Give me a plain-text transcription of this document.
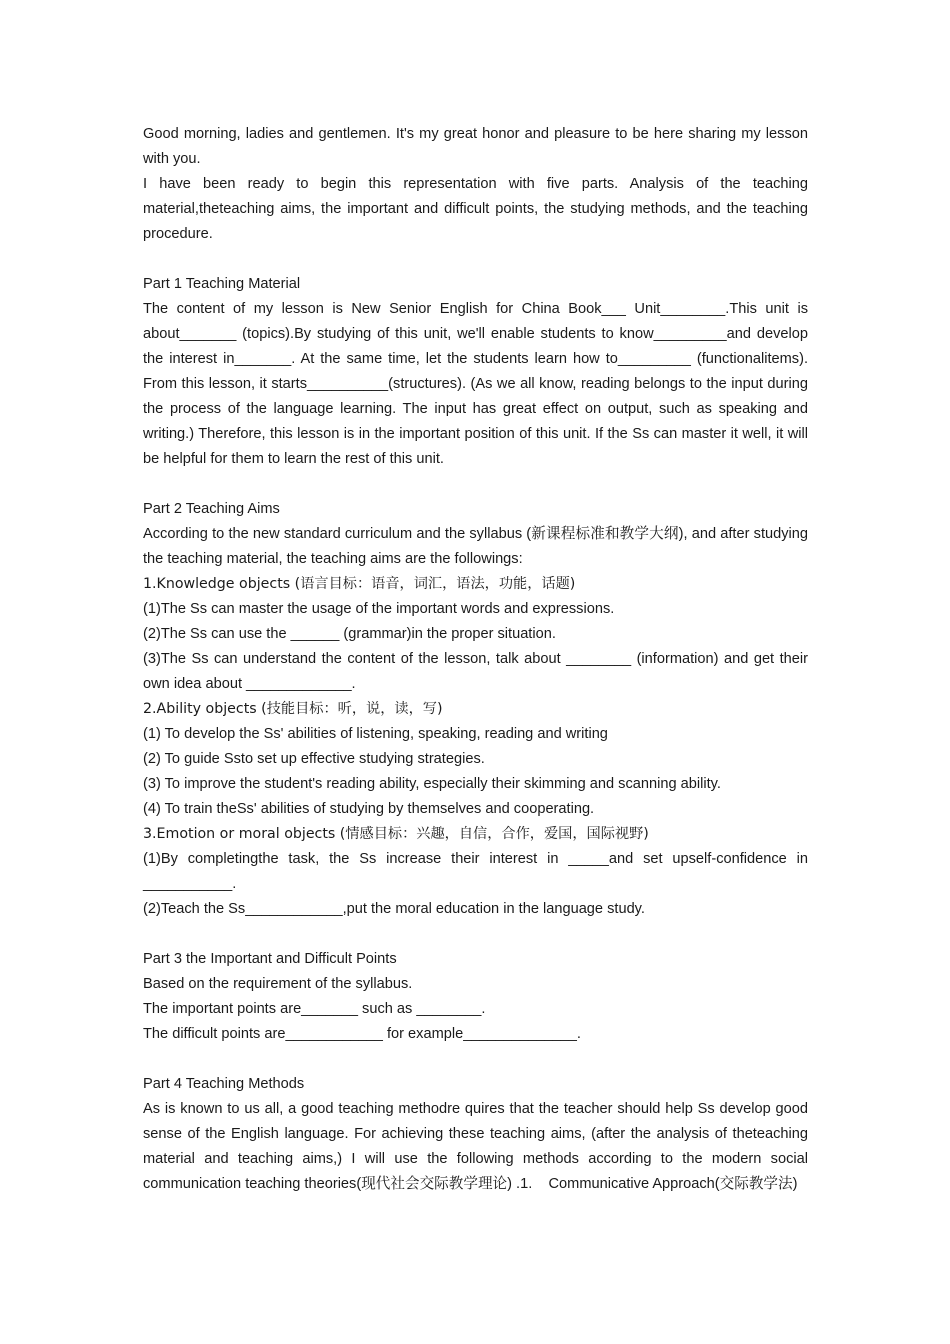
Good morning, ladies and gentlemen. It's my great honor and pleasure to be here sharing my lesson with you.

I have been ready to begin this representation with five parts. Analysis of the teaching material,theteaching aims, the important and difficult points, the studying methods, and the teaching procedure.

Part 1 Teaching Material

The content of my lesson is New Senior English for China Book___ Unit________.This unit is about_______ (topics).By studying of this unit, we'll enable students to know_________and develop the interest in_______. At the same time, let the students learn how to_________ (functionalitems). From this lesson, it starts__________(structures). (As we all know, reading belongs to the input during the process of the language learning. The input has great effect on output, such as speaking and writing.) Therefore, this lesson is in the important position of this unit. If the Ss can master it well, it will be helpful for them to learn the rest of this unit.

Part 2 Teaching Aims

According to the new standard curriculum and the syllabus (新课程标准和教学大纲), and after studying the teaching material, the teaching aims are the followings:

1.Knowledge objects (语言目标：语音，词汇，语法，功能，话题)

(1)The Ss can master the usage of the important words and expressions.

(2)The Ss can use the ______ (grammar)in the proper situation.

(3)The Ss can understand the content of the lesson, talk about ________ (information) and get their own idea about _____________.

2.Ability objects (技能目标：听，说，读，写)

(1) To develop the Ss' abilities of listening, speaking, reading and writing

(2) To guide Ssto set up effective studying strategies.

(3) To improve the student's reading ability, especially their skimming and scanning ability.

(4) To train theSs' abilities of studying by themselves and cooperating.

3.Emotion or moral objects (情感目标：兴趣，自信，合作，爱国，国际视野)

(1)By completingthe task, the Ss increase their interest in _____and set upself-confidence in ___________.

(2)Teach the Ss____________,put the moral education in the language study.

Part 3 the Important and Difficult Points

Based on the requirement of the syllabus.

The important points are_______ such as ________.

The difficult points are____________ for example______________.

Part 4 Teaching Methods

As is known to us all, a good teaching methodre quires that the teacher should help Ss develop good sense of the English language. For achieving these teaching aims, (after the analysis of theteaching material and teaching aims,) I will use the following methods according to the modern social communication teaching theories(现代社会交际教学理论) .1.    Communicative Approach(交际教学法)
